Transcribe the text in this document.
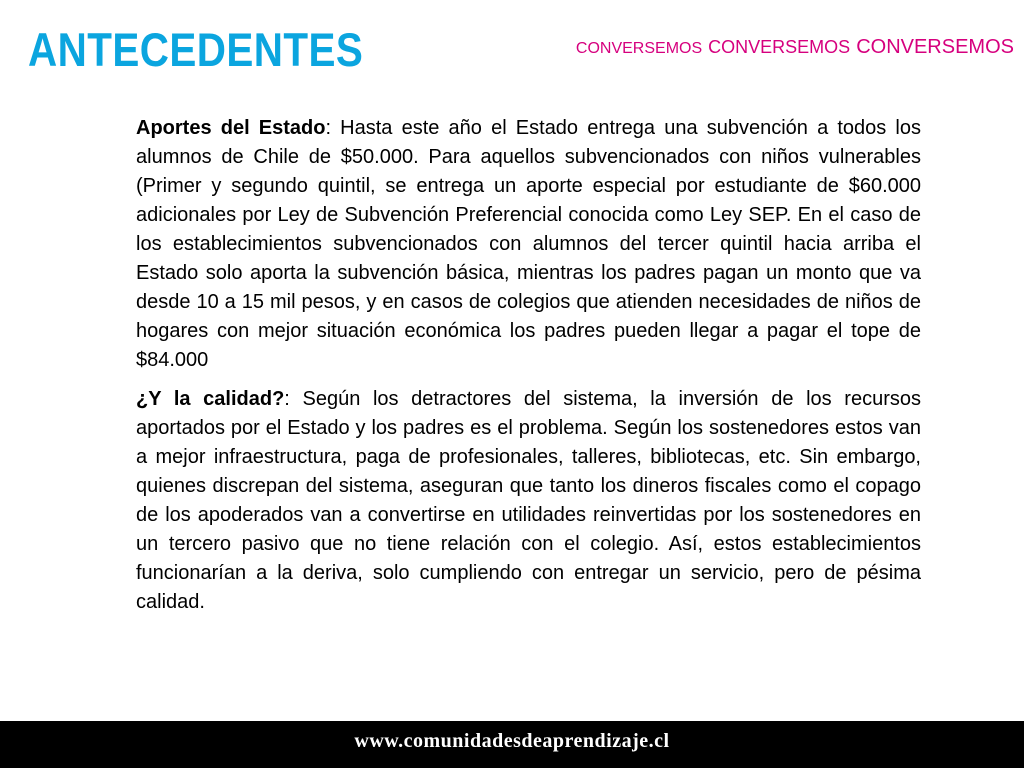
ANTECEDENTES	CONVERSEMOS CONVERSEMOS CONVERSEMOS

Aportes del Estado: Hasta este año el Estado entrega una subvención a todos los alumnos de Chile de $50.000. Para aquellos subvencionados con niños vulnerables (Primer y segundo quintil, se entrega un aporte especial por estudiante de $60.000 adicionales por Ley de Subvención Preferencial conocida como Ley SEP. En el caso de los establecimientos subvencionados con alumnos del tercer quintil hacia arriba el Estado solo aporta la subvención básica, mientras los padres pagan un monto que va desde 10 a 15 mil pesos, y en casos de colegios que atienden necesidades de niños de hogares con mejor situación económica los padres pueden llegar a pagar el tope de $84.000

¿Y la calidad?: Según los detractores del sistema, la inversión de los recursos aportados por el Estado y los padres es el problema. Según los sostenedores estos van a mejor infraestructura, paga de profesionales, talleres, bibliotecas, etc. Sin embargo, quienes discrepan del sistema, aseguran que tanto los dineros fiscales como el copago de los apoderados van a convertirse en utilidades reinvertidas por los sostenedores en un tercero pasivo que no tiene relación con el colegio. Así, estos establecimientos funcionarían a la deriva, solo cumpliendo con entregar un servicio, pero de pésima calidad.

www.comunidadesdeaprendizaje.cl
